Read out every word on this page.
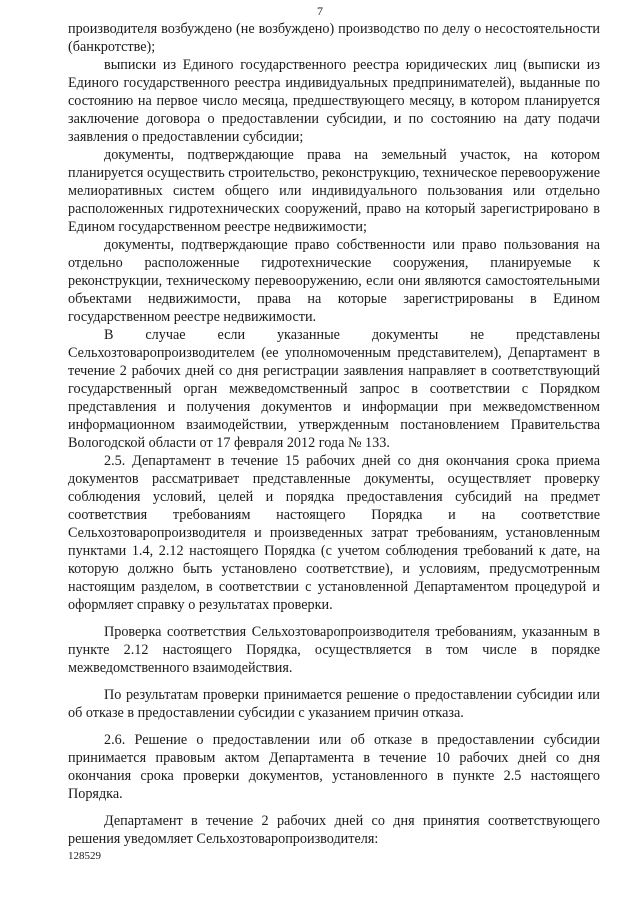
7

производителя возбуждено (не возбуждено) производство по делу о несостоятельности (банкротстве);

выписки из Единого государственного реестра юридических лиц (выписки из Единого государственного реестра индивидуальных предпринимателей), выданные по состоянию на первое число месяца, предшествующего месяцу, в котором планируется заключение договора о предоставлении субсидии, и по состоянию на дату подачи заявления о предоставлении субсидии;

документы, подтверждающие права на земельный участок, на котором планируется осуществить строительство, реконструкцию, техническое перевооружение мелиоративных систем общего или индивидуального пользования или отдельно расположенных гидротехнических сооружений, право на который зарегистрировано в Едином государственном реестре недвижимости;

документы, подтверждающие право собственности или право пользования на отдельно расположенные гидротехнические сооружения, планируемые к реконструкции, техническому перевооружению, если они являются самостоятельными объектами недвижимости, права на которые зарегистрированы в Едином государственном реестре недвижимости.

В случае если указанные документы не представлены Сельхозтоваропроизводителем (ее уполномоченным представителем), Департамент в течение 2 рабочих дней со дня регистрации заявления направляет в соответствующий государственный орган межведомственный запрос в соответствии с Порядком представления и получения документов и информации при межведомственном информационном взаимодействии, утвержденным постановлением Правительства Вологодской области от 17 февраля 2012 года № 133.

2.5. Департамент в течение 15 рабочих дней со дня окончания срока приема документов рассматривает представленные документы, осуществляет проверку соблюдения условий, целей и порядка предоставления субсидий на предмет соответствия требованиям настоящего Порядка и на соответствие Сельхозтоваропроизводителя и произведенных затрат требованиям, установленным пунктами 1.4, 2.12 настоящего Порядка (с учетом соблюдения требований к дате, на которую должно быть установлено соответствие), и условиям, предусмотренным настоящим разделом, в соответствии с установленной Департаментом процедурой и оформляет справку о результатах проверки.

Проверка соответствия Сельхозтоваропроизводителя требованиям, указанным в пункте 2.12 настоящего Порядка, осуществляется в том числе в порядке межведомственного взаимодействия.

По результатам проверки принимается решение о предоставлении субсидии или об отказе в предоставлении субсидии с указанием причин отказа.

2.6. Решение о предоставлении или об отказе в предоставлении субсидии принимается правовым актом Департамента в течение 10 рабочих дней со дня окончания срока проверки документов, установленного в пункте 2.5 настоящего Порядка.

Департамент в течение 2 рабочих дней со дня принятия соответствующего решения уведомляет Сельхозтоваропроизводителя:

128529
